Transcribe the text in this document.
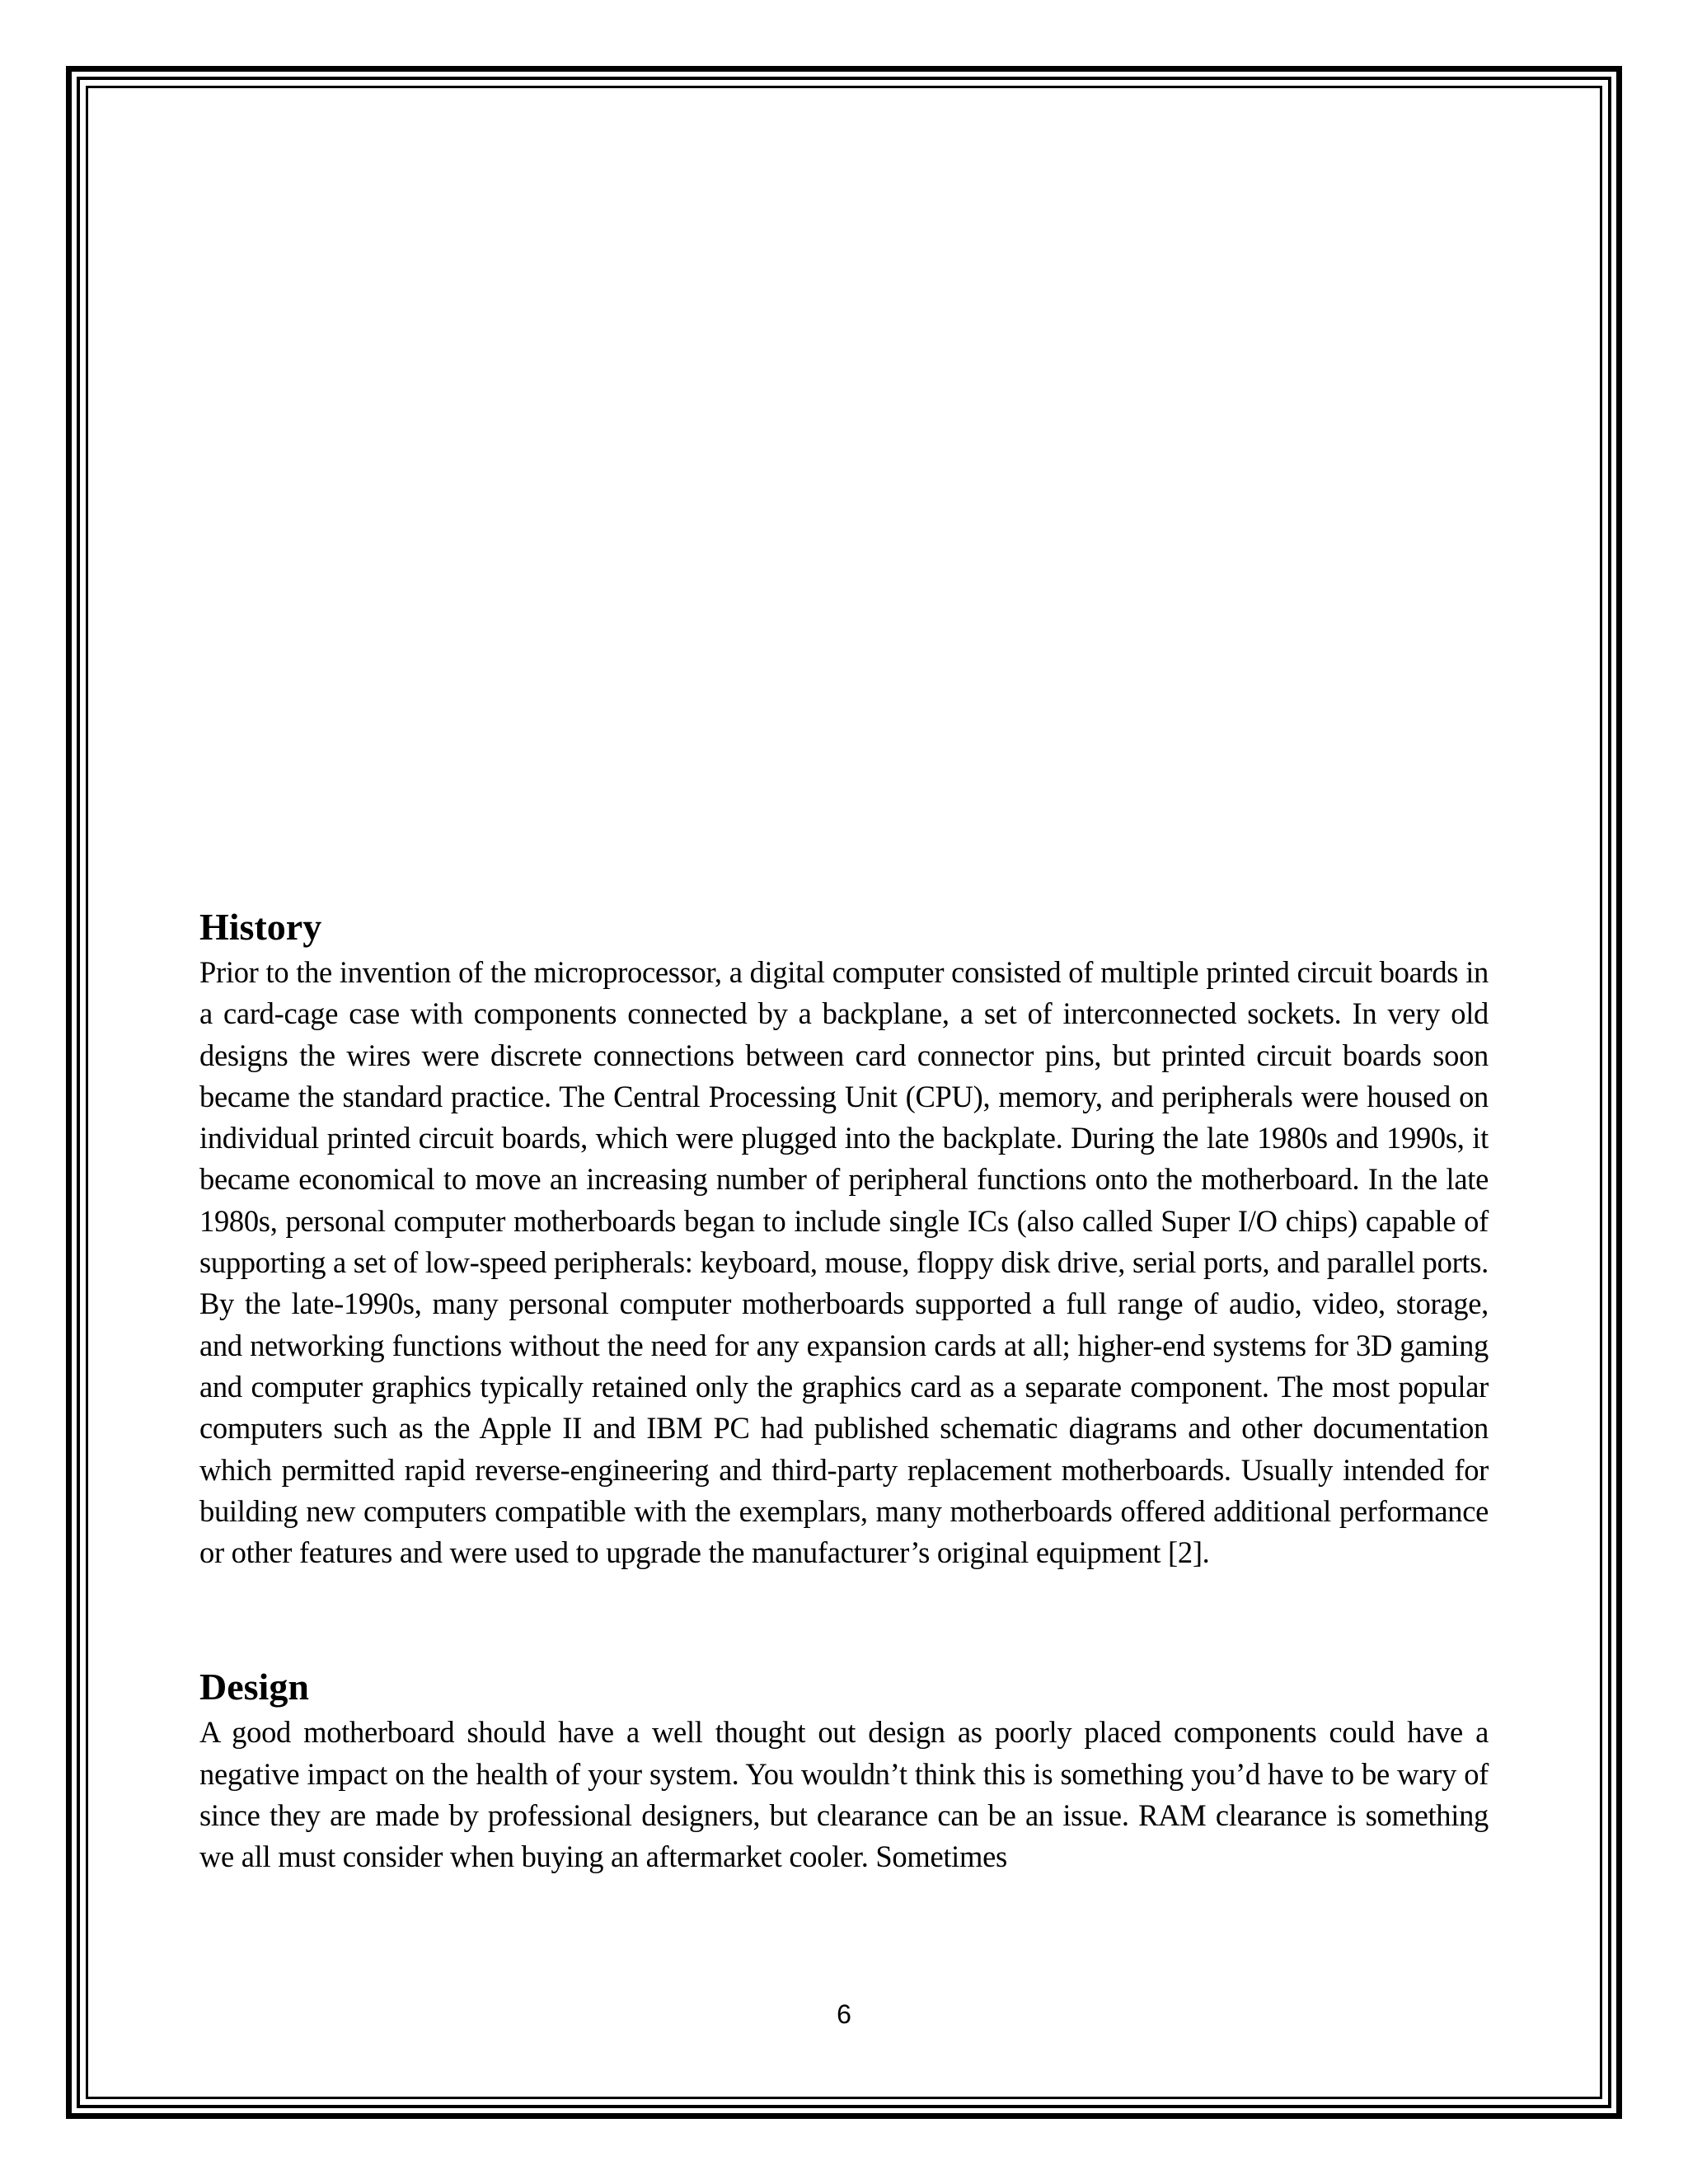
History

Prior to the invention of the microprocessor, a digital computer consisted of multiple printed circuit boards in a card-cage case with components connected by a backplane, a set of interconnected sockets. In very old designs the wires were discrete connections between card connector pins, but printed circuit boards soon became the standard practice. The Central Processing Unit (CPU), memory, and peripherals were housed on individual printed circuit boards, which were plugged into the backplate. During the late 1980s and 1990s, it became economical to move an increasing number of peripheral functions onto the motherboard. In the late 1980s, personal computer motherboards began to include single ICs (also called Super I/O chips) capable of supporting a set of low-speed peripherals: keyboard, mouse, floppy disk drive, serial ports, and parallel ports. By the late-1990s, many personal computer motherboards supported a full range of audio, video, storage, and networking functions without the need for any expansion cards at all; higher-end systems for 3D gaming and computer graphics typically retained only the graphics card as a separate component. The most popular computers such as the Apple II and IBM PC had published schematic diagrams and other documentation which permitted rapid reverse-engineering and third-party replacement motherboards. Usually intended for building new computers compatible with the exemplars, many motherboards offered additional performance or other features and were used to upgrade the manufacturer’s original equipment [2].

Design

A good motherboard should have a well thought out design as poorly placed components could have a negative impact on the health of your system. You wouldn’t think this is something you’d have to be wary of since they are made by professional designers, but clearance can be an issue. RAM clearance is something we all must consider when buying an aftermarket cooler. Sometimes

6
